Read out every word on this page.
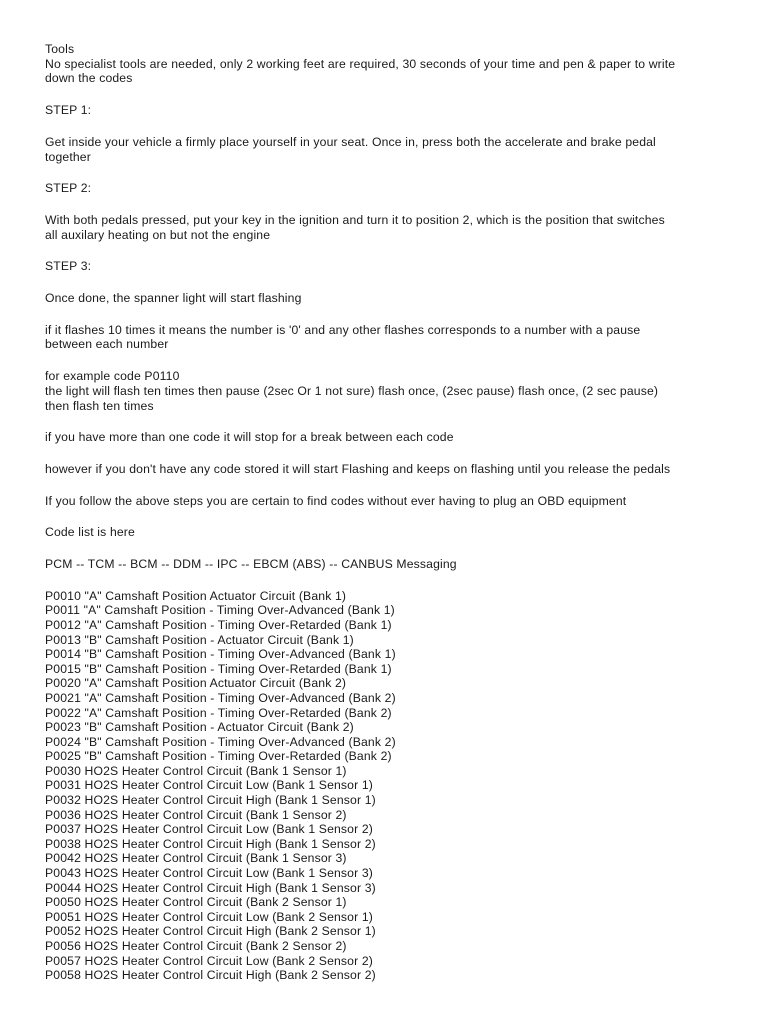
Tools

No specialist tools are needed, only 2 working feet are required, 30 seconds of your time and pen & paper to write

down the codes

STEP 1:

Get inside your vehicle a firmly place yourself in your seat. Once in, press both the accelerate and brake pedal

together

STEP 2:

With both pedals pressed, put your key in the ignition and turn it to position 2, which is the position that switches

all auxilary heating on but not the engine

STEP 3:

Once done, the spanner light will start flashing

if it flashes 10 times it means the number is '0' and any other flashes corresponds to a number with a pause

between each number

for example code P0110

the light will flash ten times then pause (2sec Or 1 not sure) flash once, (2sec pause) flash once, (2 sec pause)

then flash ten times

if you have more than one code it will stop for a break between each code

however if you don't have any code stored it will start Flashing and keeps on flashing until you release the pedals

If you follow the above steps you are certain to find codes without ever having to plug an OBD equipment

Code list is here

PCM -- TCM -- BCM -- DDM -- IPC -- EBCM (ABS) -- CANBUS Messaging

P0010 "A" Camshaft Position Actuator Circuit (Bank 1)

P0011 "A" Camshaft Position - Timing Over-Advanced (Bank 1)

P0012 "A" Camshaft Position - Timing Over-Retarded (Bank 1)

P0013 "B" Camshaft Position - Actuator Circuit (Bank 1)

P0014 "B" Camshaft Position - Timing Over-Advanced (Bank 1)

P0015 "B" Camshaft Position - Timing Over-Retarded (Bank 1)

P0020 "A" Camshaft Position Actuator Circuit (Bank 2)

P0021 "A" Camshaft Position - Timing Over-Advanced (Bank 2)

P0022 "A" Camshaft Position - Timing Over-Retarded (Bank 2)

P0023 "B" Camshaft Position - Actuator Circuit (Bank 2)

P0024 "B" Camshaft Position - Timing Over-Advanced (Bank 2)

P0025 "B" Camshaft Position - Timing Over-Retarded (Bank 2)

P0030 HO2S Heater Control Circuit (Bank 1 Sensor 1)

P0031 HO2S Heater Control Circuit Low (Bank 1 Sensor 1)

P0032 HO2S Heater Control Circuit High (Bank 1 Sensor 1)

P0036 HO2S Heater Control Circuit (Bank 1 Sensor 2)

P0037 HO2S Heater Control Circuit Low (Bank 1 Sensor 2)

P0038 HO2S Heater Control Circuit High (Bank 1 Sensor 2)

P0042 HO2S Heater Control Circuit (Bank 1 Sensor 3)

P0043 HO2S Heater Control Circuit Low (Bank 1 Sensor 3)

P0044 HO2S Heater Control Circuit High (Bank 1 Sensor 3)

P0050 HO2S Heater Control Circuit (Bank 2 Sensor 1)

P0051 HO2S Heater Control Circuit Low (Bank 2 Sensor 1)

P0052 HO2S Heater Control Circuit High (Bank 2 Sensor 1)

P0056 HO2S Heater Control Circuit (Bank 2 Sensor 2)

P0057 HO2S Heater Control Circuit Low (Bank 2 Sensor 2)

P0058 HO2S Heater Control Circuit High (Bank 2 Sensor 2)
